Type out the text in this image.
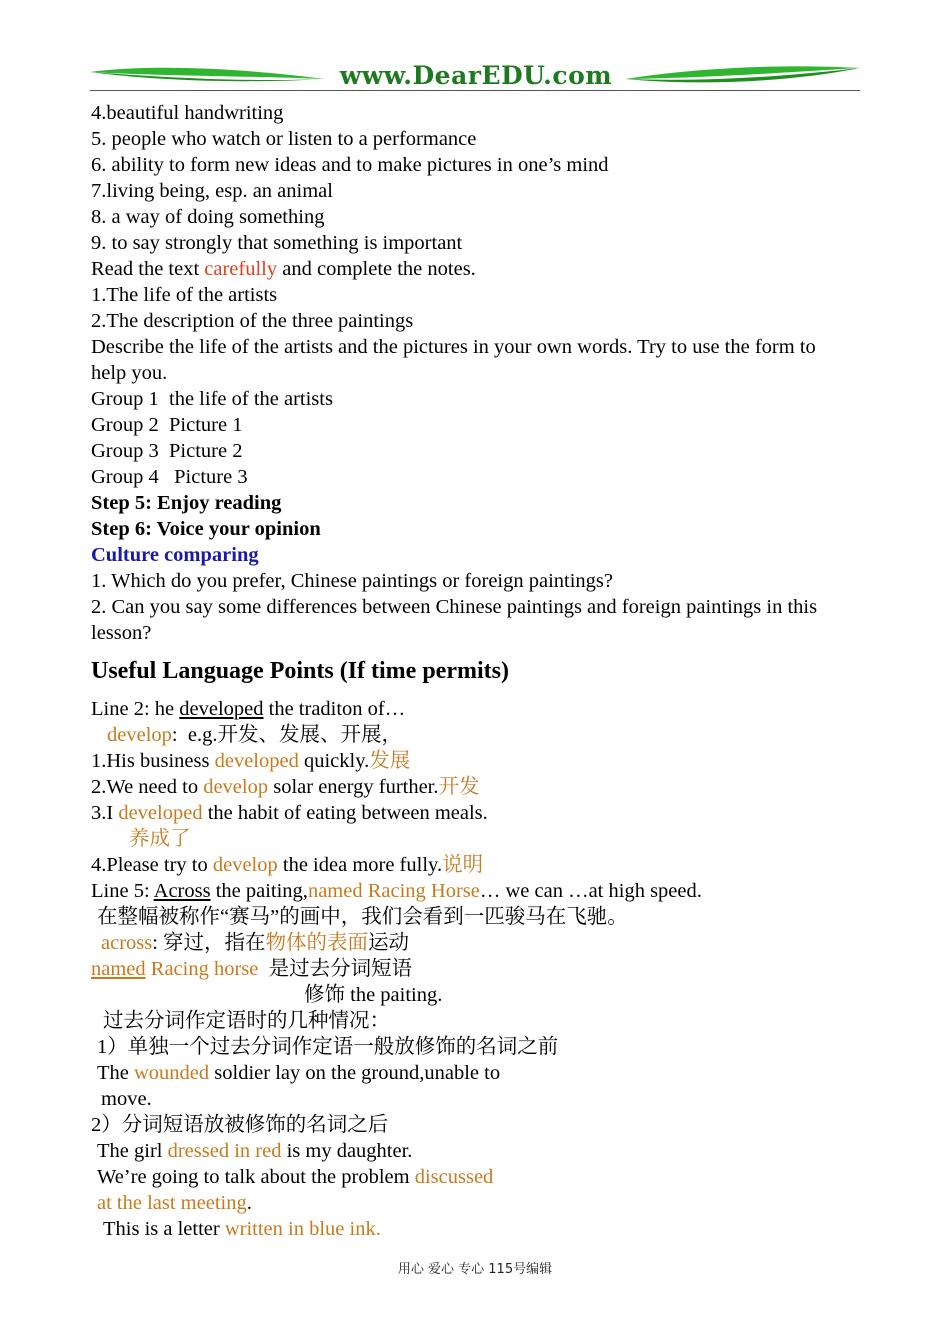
www.DearEDU.com
4.beautiful handwriting
5. people who watch or listen to a performance
6. ability to form new ideas and to make pictures in one’s mind
7.living being, esp. an animal
8. a way of doing something
9. to say strongly that something is important
Read the text carefully and complete the notes.
1.The life of the artists
2.The description of the three paintings
Describe the life of the artists and the pictures in your own words. Try to use the form to help you.
Group 1  the life of the artists
Group 2  Picture 1
Group 3  Picture 2
Group 4   Picture 3
Step 5: Enjoy reading
Step 6: Voice your opinion
Culture comparing
1. Which do you prefer, Chinese paintings or foreign paintings?
2. Can you say some differences between Chinese paintings and foreign paintings in this lesson?
Useful Language Points (If time permits)
Line 2: he developed the traditon of…
develop:  e.g.开发、发展、开展，
1.His business developed quickly.发展
2.We need to develop solar energy further.开发
3.I developed the habit of eating between meals.
养成了
4.Please try to develop the idea more fully.说明
Line 5: Across the paiting,named Racing Horse… we can …at high speed.
在整幅被称作“赛马”的画中，我们会看到一匹骏马在飞驰。
across: 穿过，指在物体的表面运动
named Racing horse  是过去分词短语
修饰 the paiting.
过去分词作定语时的几种情况：
1）单独一个过去分词作定语一般放修饰的名词之前
The wounded soldier lay on the ground,unable to
move.
2）分词短语放被修饰的名词之后
The girl dressed in red is my daughter.
We’re going to talk about the problem discussed
at the last meeting.
This is a letter written in blue ink.
用心 爱心 专心 115号编辑
